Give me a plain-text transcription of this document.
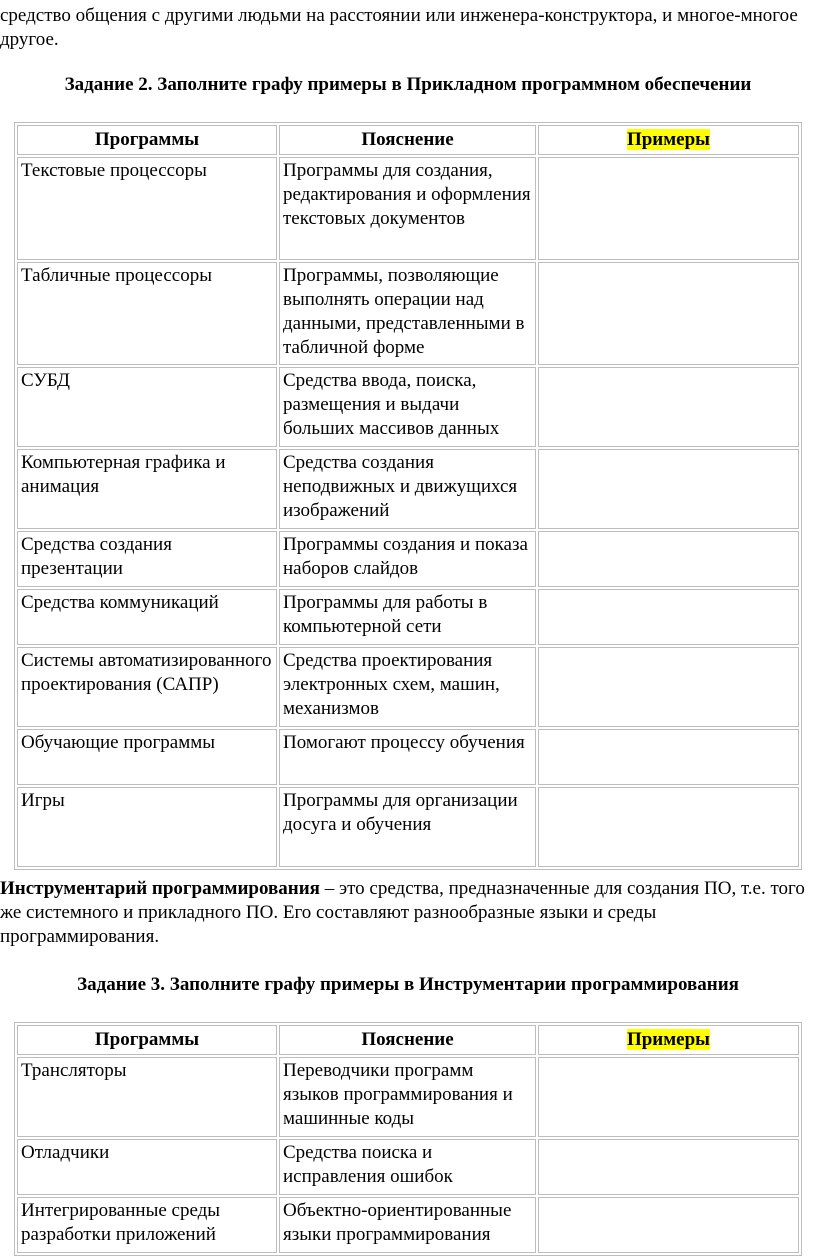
средство общения с другими людьми на расстоянии или инженера-конструктора, и многое-многое другое.

Задание 2. Заполните графу примеры в Прикладном программном обеспечении

Программы	Пояснение	Примеры
Текстовые процессоры	Программы для создания, редактирования и оформления текстовых документов	
Табличные процессоры	Программы, позволяющие выполнять операции над данными, представленными в табличной форме	
СУБД	Средства ввода, поиска, размещения и выдачи больших массивов данных	
Компьютерная графика и анимация	Средства создания неподвижных и движущихся изображений	
Средства создания презентации	Программы создания и показа наборов слайдов	
Средства коммуникаций	Программы для работы в компьютерной сети	
Системы автоматизированного проектирования (САПР)	Средства проектирования электронных схем, машин, механизмов	
Обучающие программы	Помогают процессу обучения	
Игры	Программы для организации досуга и обучения	

Инструментарий программирования – это средства, предназначенные для создания ПО, т.е. того же системного и прикладного ПО. Его составляют разнообразные языки и среды программирования.

Задание 3. Заполните графу примеры в Инструментарии программирования

Программы	Пояснение	Примеры
Трансляторы	Переводчики программ языков программирования и машинные коды	
Отладчики	Средства поиска и исправления ошибок	
Интегрированные среды разработки приложений	Объектно-ориентированные языки программирования	
